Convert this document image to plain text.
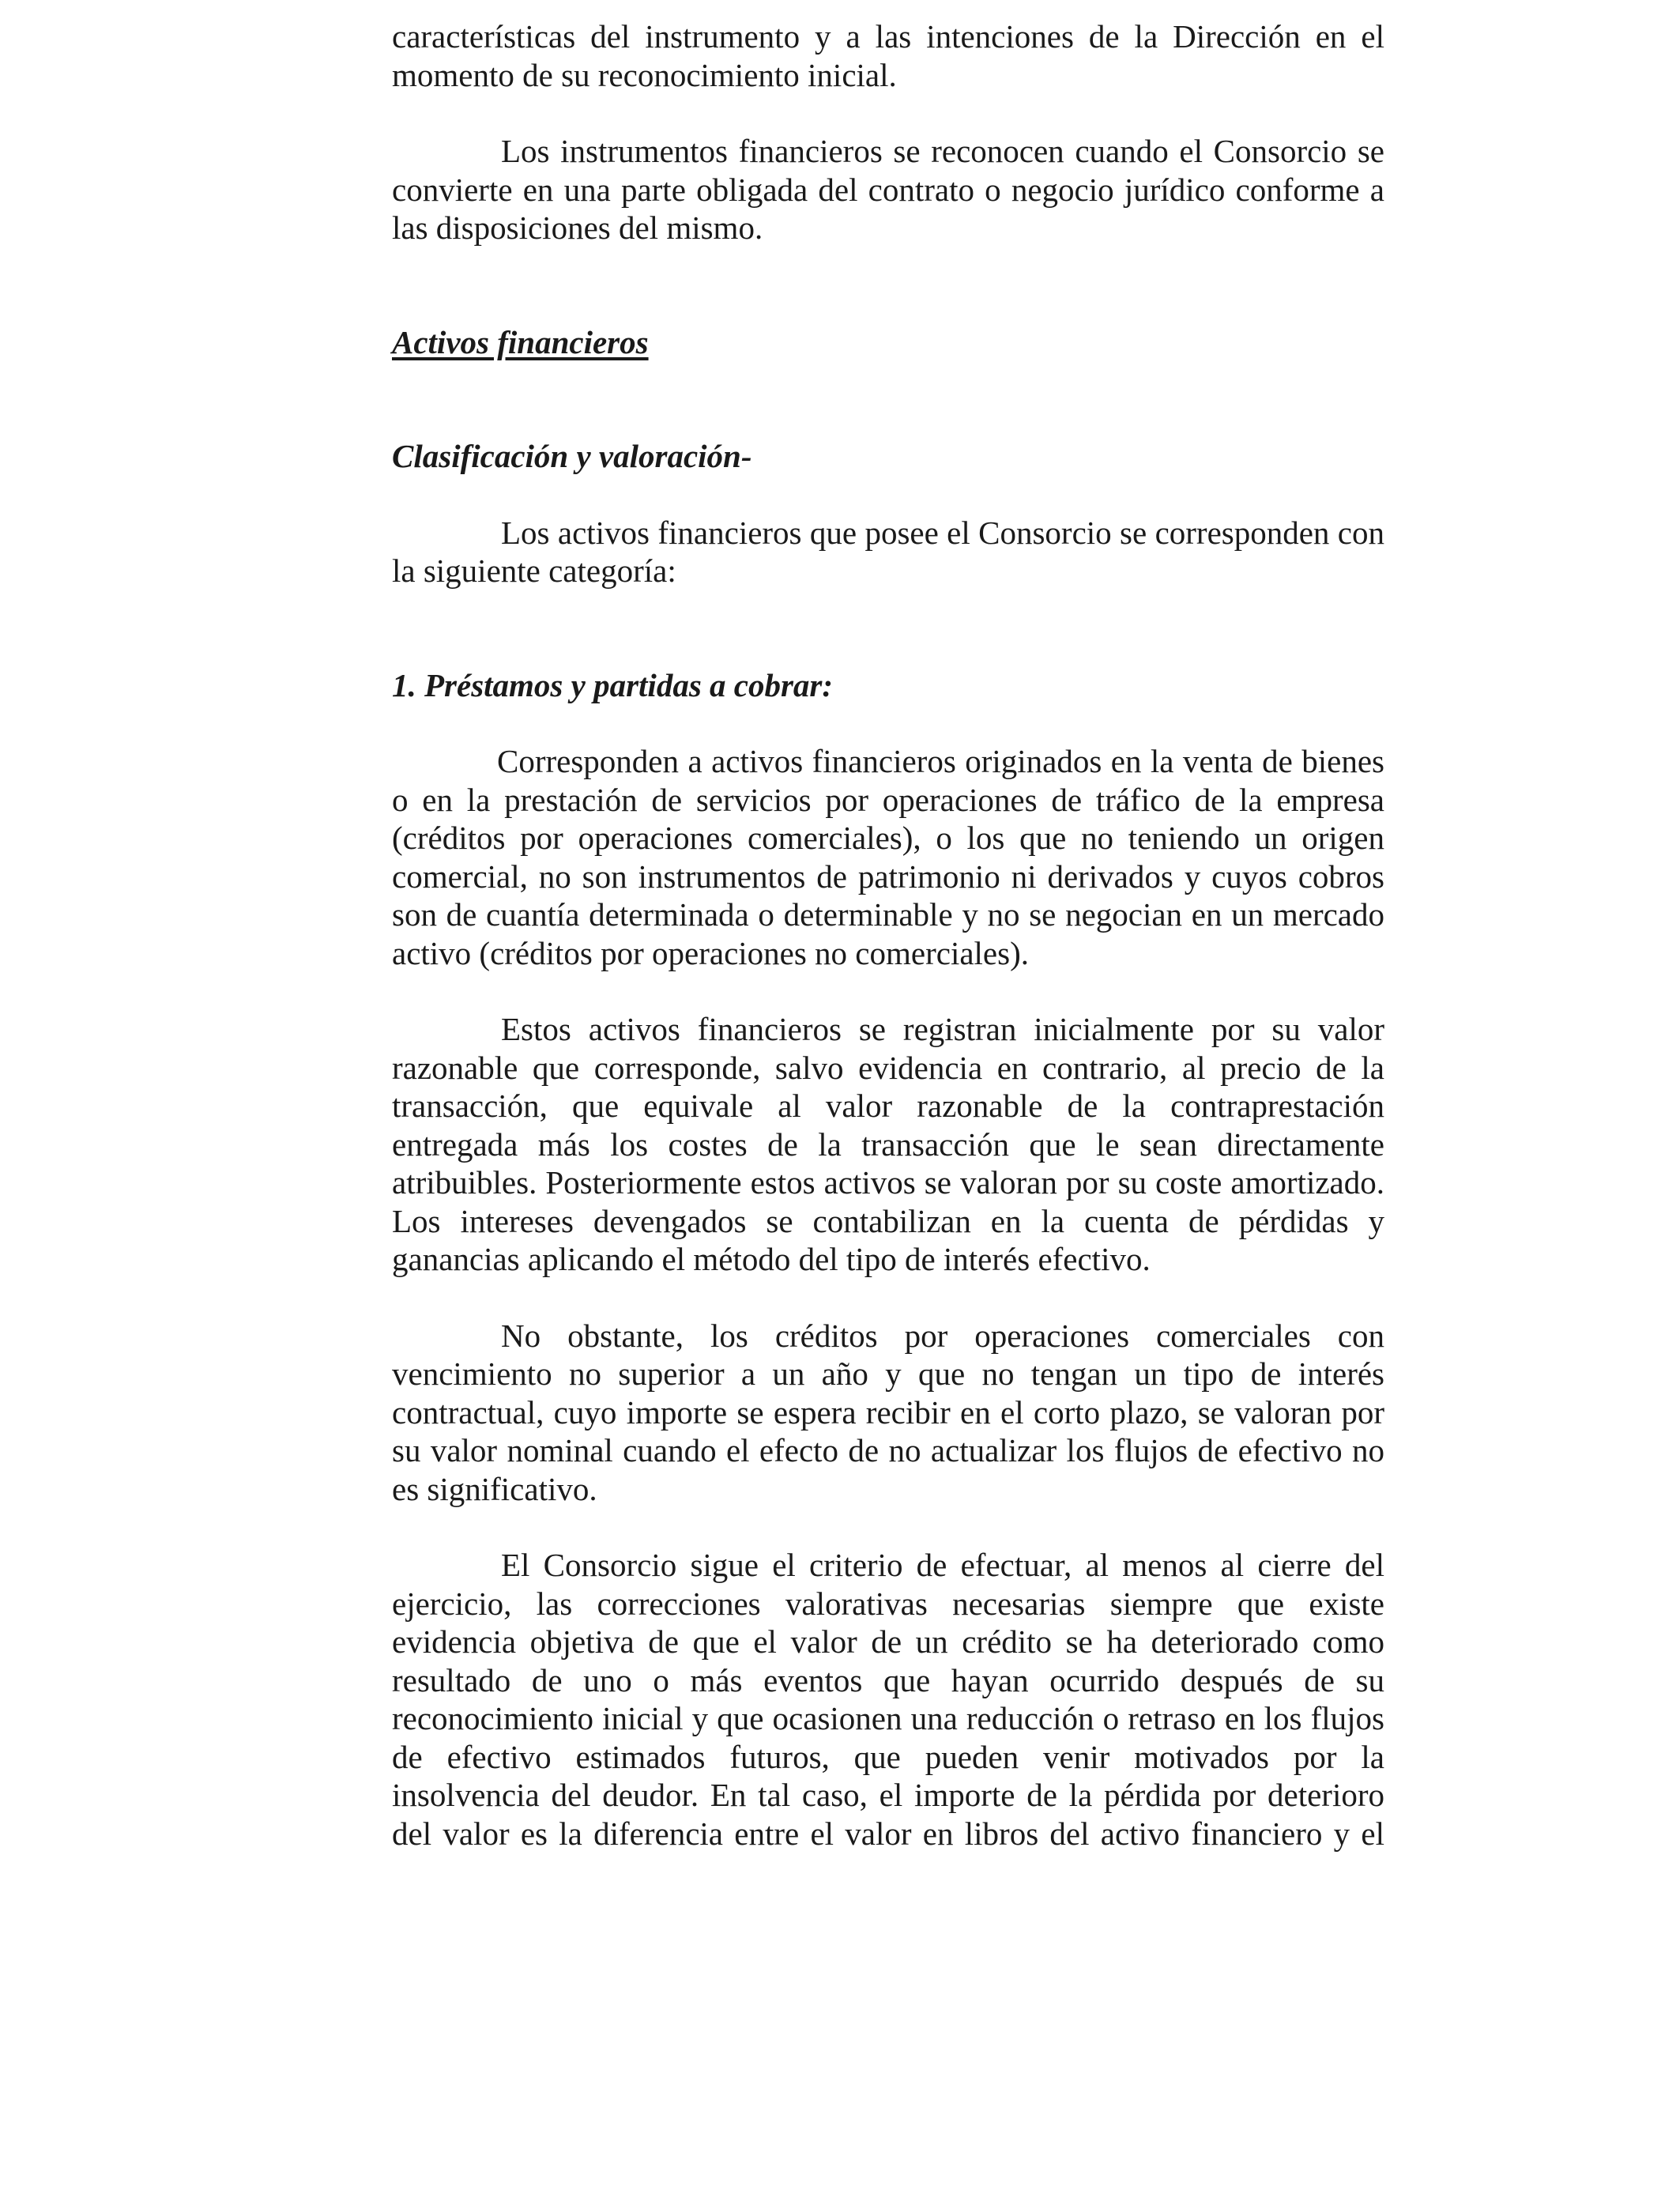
características del instrumento y a las intenciones de la Dirección en el momento de su reconocimiento inicial.

Los instrumentos financieros se reconocen cuando el Consorcio se convierte en una parte obligada del contrato o negocio jurídico conforme a las disposiciones del mismo.

Activos financieros

Clasificación y valoración-

Los activos financieros que posee el Consorcio se corresponden con la siguiente categoría:

1. Préstamos y partidas a cobrar:

Corresponden a activos financieros originados en la venta de bienes o en la prestación de servicios por operaciones de tráfico de la empresa (créditos por operaciones comerciales), o los que no teniendo un origen comercial, no son instrumentos de patrimonio ni derivados y cuyos cobros son de cuantía determinada o determinable y no se negocian en un mercado activo (créditos por operaciones no comerciales).

Estos activos financieros se registran inicialmente por su valor razonable que corresponde, salvo evidencia en contrario, al precio de la transacción, que equivale al valor razonable de la contraprestación entregada más los costes de la transacción que le sean directamente atribuibles. Posteriormente estos activos se valoran por su coste amortizado. Los intereses devengados se contabilizan en la cuenta de pérdidas y ganancias aplicando el método del tipo de interés efectivo.

No obstante, los créditos por operaciones comerciales con vencimiento no superior a un año y que no tengan un tipo de interés contractual, cuyo importe se espera recibir en el corto plazo, se valoran por su valor nominal cuando el efecto de no actualizar los flujos de efectivo no es significativo.

El Consorcio sigue el criterio de efectuar, al menos al cierre del ejercicio, las correcciones valorativas necesarias siempre que existe evidencia objetiva de que el valor de un crédito se ha deteriorado como resultado de uno o más eventos que hayan ocurrido después de su reconocimiento inicial y que ocasionen una reducción o retraso en los flujos de efectivo estimados futuros, que pueden venir motivados por la insolvencia del deudor. En tal caso, el importe de la pérdida por deterioro del valor es la diferencia entre el valor en libros del activo financiero y el
